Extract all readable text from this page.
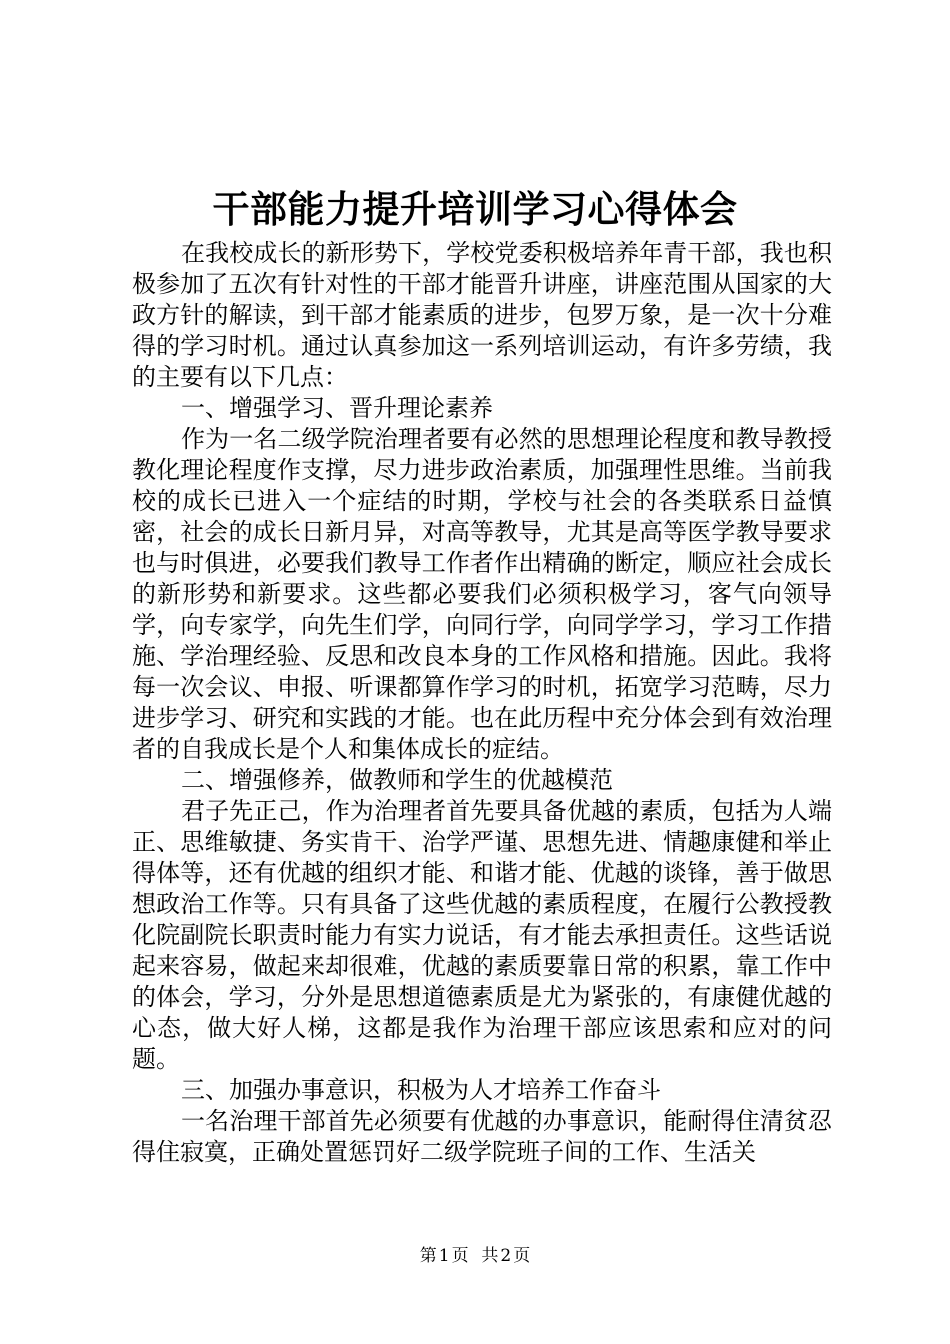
干部能力提升培训学习心得体会

在我校成长的新形势下，学校党委积极培养年青干部，我也积极参加了五次有针对性的干部才能晋升讲座，讲座范围从国家的大政方针的解读，到干部才能素质的进步，包罗万象，是一次十分难得的学习时机。通过认真参加这一系列培训运动，有许多劳绩，我的主要有以下几点：

一、增强学习、晋升理论素养

作为一名二级学院治理者要有必然的思想理论程度和教导教授教化理论程度作支撑，尽力进步政治素质，加强理性思维。当前我校的成长已进入一个症结的时期，学校与社会的各类联系日益慎密，社会的成长日新月异，对高等教导，尤其是高等医学教导要求也与时俱进，必要我们教导工作者作出精确的断定，顺应社会成长的新形势和新要求。这些都必要我们必须积极学习，客气向领导学，向专家学，向先生们学，向同行学，向同学学习，学习工作措施、学治理经验、反思和改良本身的工作风格和措施。因此。我将每一次会议、申报、听课都算作学习的时机，拓宽学习范畴，尽力进步学习、研究和实践的才能。也在此历程中充分体会到有效治理者的自我成长是个人和集体成长的症结。

二、增强修养，做教师和学生的优越模范

君子先正己，作为治理者首先要具备优越的素质，包括为人端正、思维敏捷、务实肯干、治学严谨、思想先进、情趣康健和举止得体等，还有优越的组织才能、和谐才能、优越的谈锋，善于做思想政治工作等。只有具备了这些优越的素质程度，在履行公教授教化院副院长职责时能力有实力说话，有才能去承担责任。这些话说起来容易，做起来却很难，优越的素质要靠日常的积累，靠工作中的体会，学习，分外是思想道德素质是尤为紧张的，有康健优越的心态，做大好人梯，这都是我作为治理干部应该思索和应对的问题。

三、加强办事意识，积极为人才培养工作奋斗

一名治理干部首先必须要有优越的办事意识，能耐得住清贫忍得住寂寞，正确处置惩罚好二级学院班子间的工作、生活关

第 1 页 共 2 页
